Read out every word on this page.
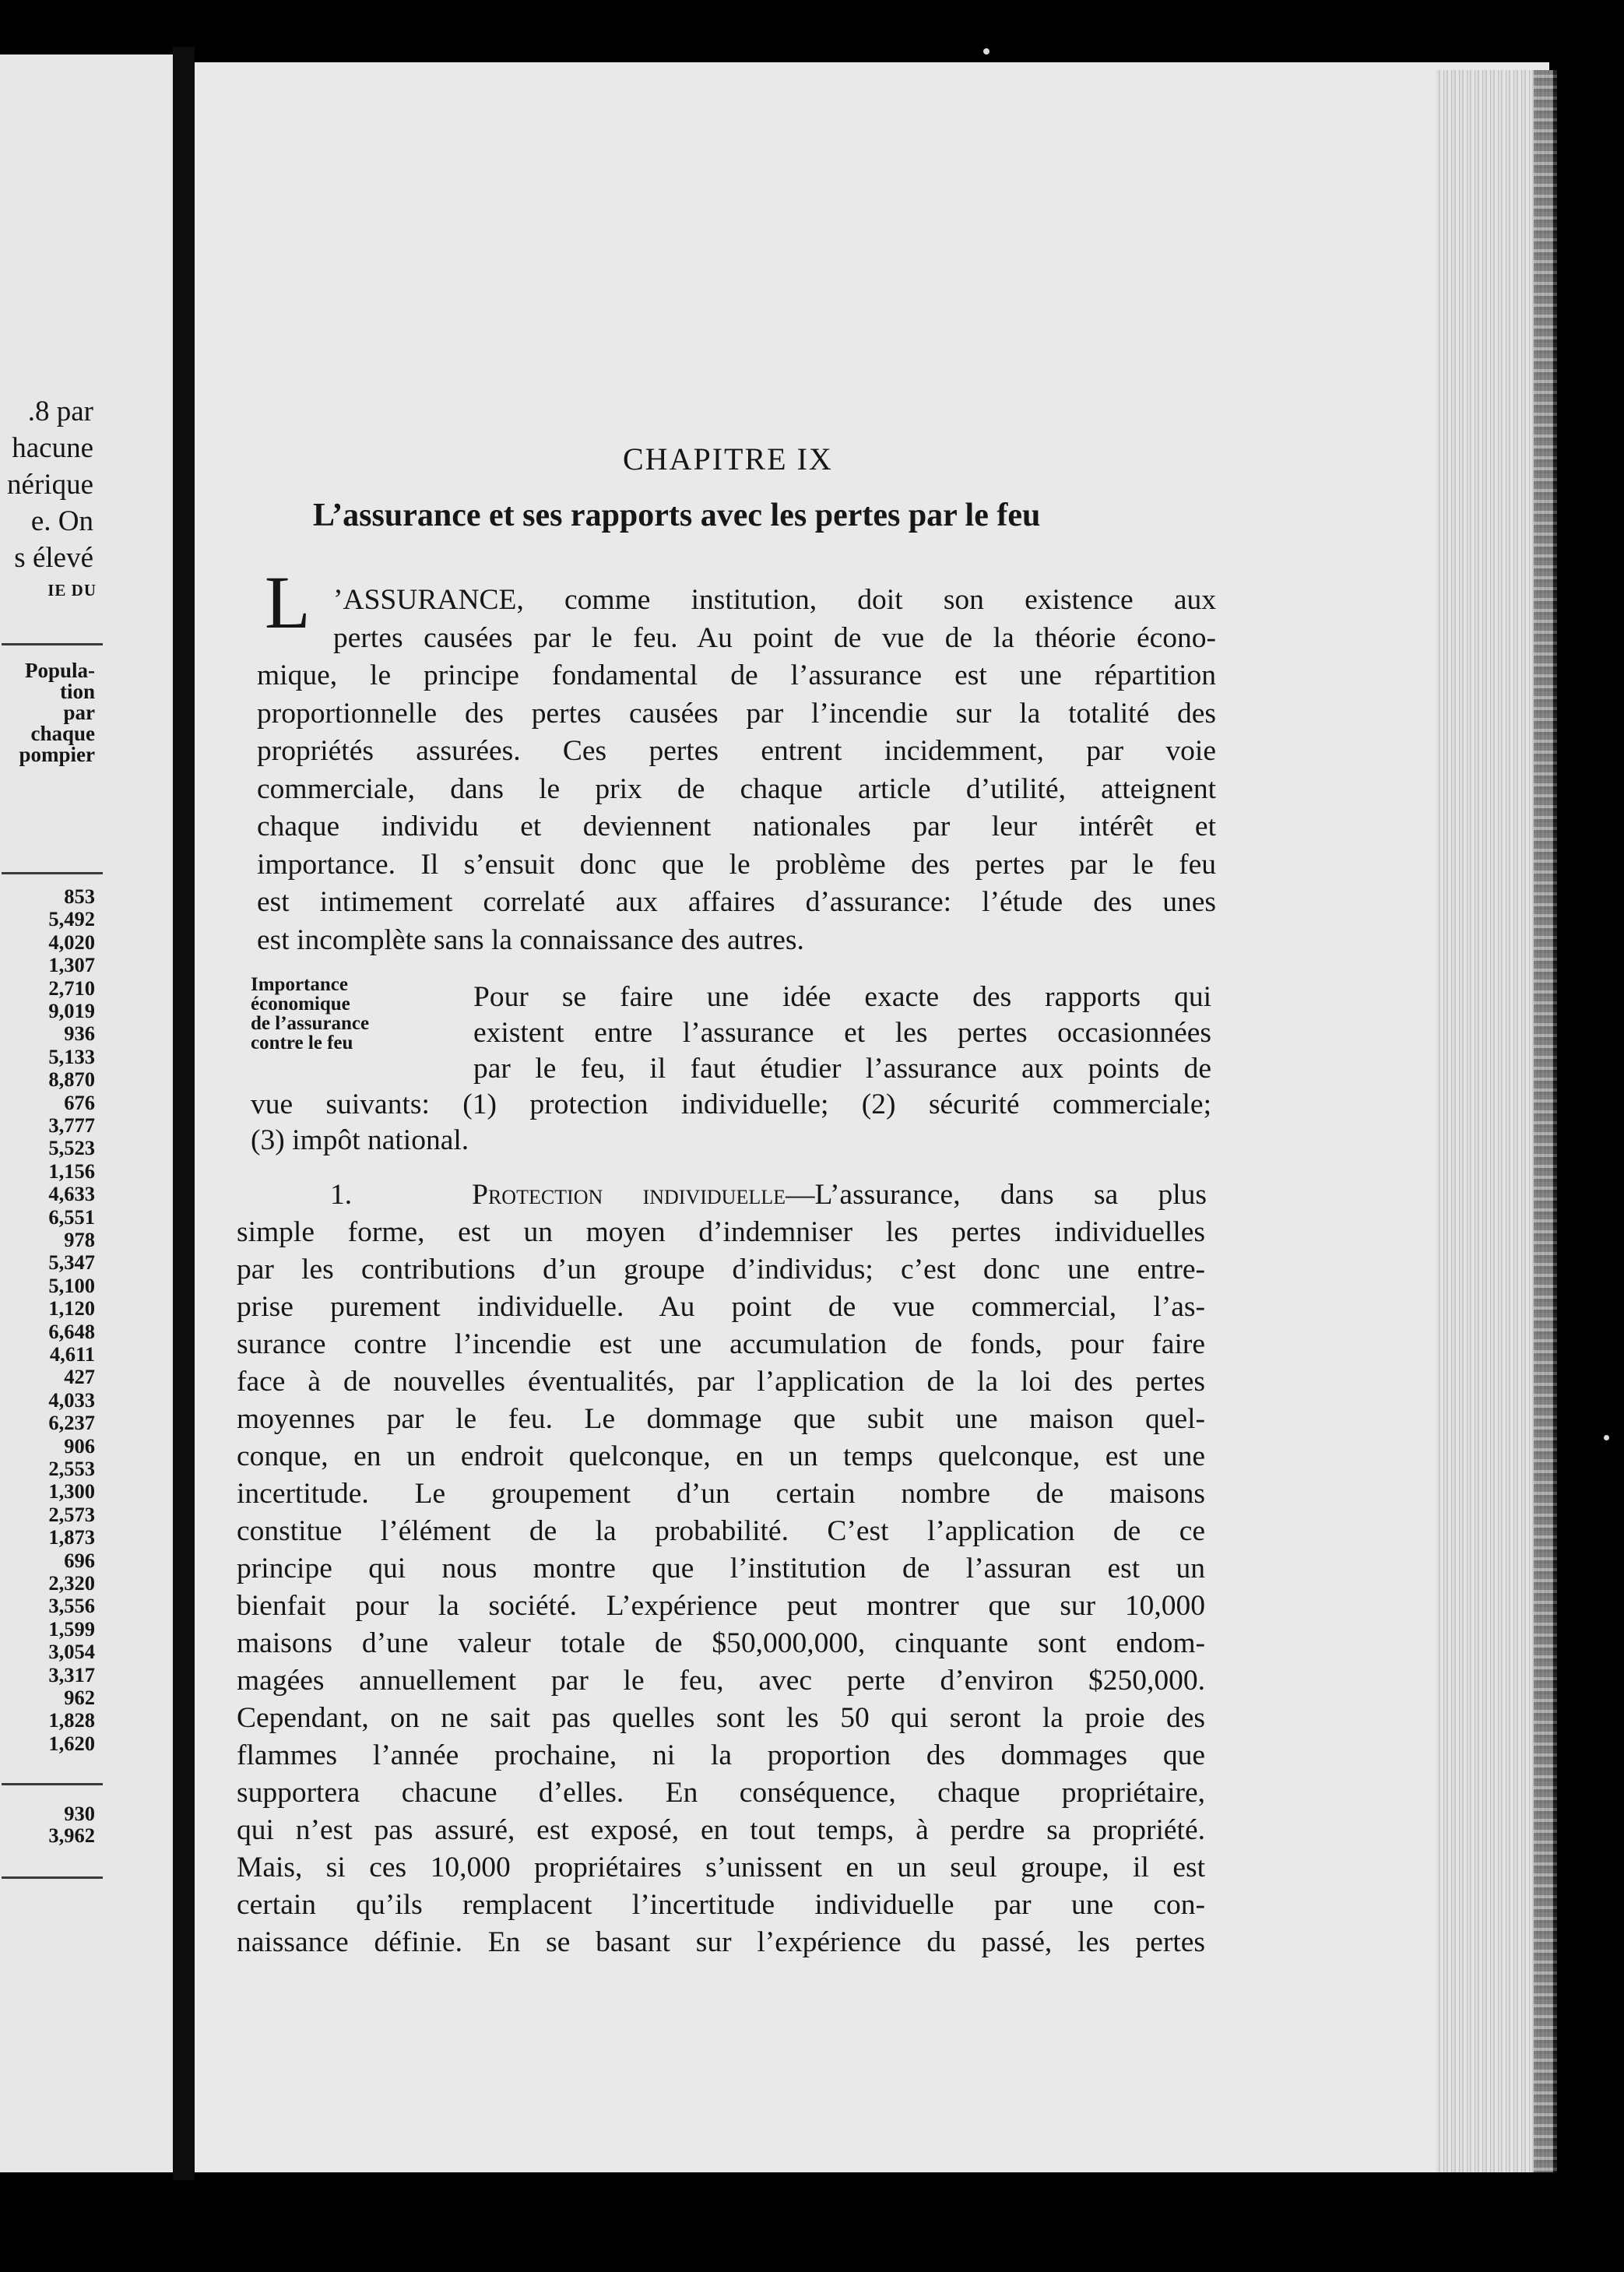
.8 par
hacune
nérique
e. On
s élevé
IE DU
Popula-
tion
par
chaque
pompier
853
5,492
4,020
1,307
2,710
9,019
936
5,133
8,870
676
3,777
5,523
1,156
4,633
6,551
978
5,347
5,100
1,120
6,648
4,611
427
4,033
6,237
906
2,553
1,300
2,573
1,873
696
2,320
3,556
1,599
3,054
3,317
962
1,828
1,620
930
3,962
CHAPITRE IX
L’assurance et ses rapports avec les pertes par le feu
L ’ASSURANCE, comme institution, doit son existence aux
pertes causées par le feu. Au point de vue de la théorie écono-
mique, le principe fondamental de l’assurance est une répartition
proportionnelle des pertes causées par l’incendie sur la totalité des
propriétés assurées. Ces pertes entrent incidemment, par voie
commerciale, dans le prix de chaque article d’utilité, atteignent
chaque individu et deviennent nationales par leur intérêt et
importance. Il s’ensuit donc que le problème des pertes par le feu
est intimement correlaté aux affaires d’assurance: l’étude des unes
est incomplète sans la connaissance des autres.
Importance
économique
de l’assurance
contre le feu
Pour se faire une idée exacte des rapports qui
existent entre l’assurance et les pertes occasionnées
par le feu, il faut étudier l’assurance aux points de
vue suivants: (1) protection individuelle; (2) sécurité commerciale;
(3) impôt national.
1.	Protection individuelle—L’assurance, dans sa plus
simple forme, est un moyen d’indemniser les pertes individuelles
par les contributions d’un groupe d’individus; c’est donc une entre-
prise purement individuelle. Au point de vue commercial, l’as-
surance contre l’incendie est une accumulation de fonds, pour faire
face à de nouvelles éventualités, par l’application de la loi des pertes
moyennes par le feu. Le dommage que subit une maison quel-
conque, en un endroit quelconque, en un temps quelconque, est une
incertitude. Le groupement d’un certain nombre de maisons
constitue l’élément de la probabilité. C’est l’application de ce
principe qui nous montre que l’institution de l’assuran est un
bienfait pour la société. L’expérience peut montrer que sur 10,000
maisons d’une valeur totale de $50,000,000, cinquante sont endom-
magées annuellement par le feu, avec perte d’environ $250,000.
Cependant, on ne sait pas quelles sont les 50 qui seront la proie des
flammes l’année prochaine, ni la proportion des dommages que
supportera chacune d’elles. En conséquence, chaque propriétaire,
qui n’est pas assuré, est exposé, en tout temps, à perdre sa propriété.
Mais, si ces 10,000 propriétaires s’unissent en un seul groupe, il est
certain qu’ils remplacent l’incertitude individuelle par une con-
naissance définie. En se basant sur l’expérience du passé, les pertes
